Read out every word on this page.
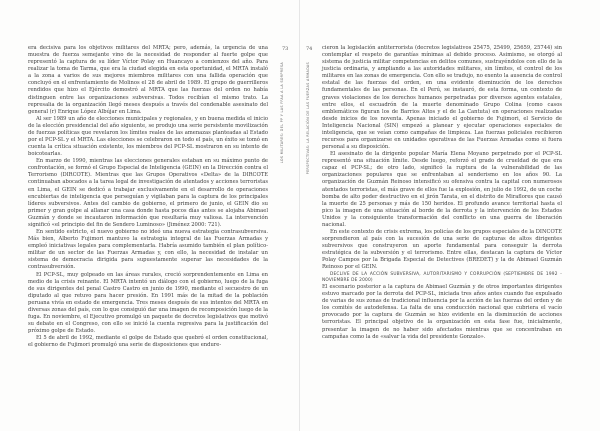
73
LOS MILITARES: DEL PP Y LAS FFAA A LA SORPRESA

era decisiva para los objetivos militares del MRTA; pero, además, la urgencia de una muestra de fuerza semejante vino de la necesidad de responder al fuerte golpe que representó la captura de su líder Víctor Polay en Huancayo a comienzos del año. Para realizar la toma de Tarma, que era la ciudad elegida en esta oportunidad, el MRTA instaló a la zona a varios de sus mejores miembros militares con una fallida operación que concluyó en el enfrentamiento de Molinos el 28 de abril de 1989. El grupo de guerrilleros rendidos que hizo el Ejército demostró al MRTA que las fuerzas del orden no había distinguen entre las organizaciones subversivas. Todos recibían el mismo trato. La represalia de la organización llegó meses después a través del condenable asesinato del general (r) Enrique López Albújar en Lima.

Al ser 1989 un año de elecciones municipales y regionales, y en buena medida el inicio de la elección presidencial del año siguiente, se produjo una serie persistente movilización de fuerzas políticas que revelaron los límites reales de las amenazas planteadas al Estado por el PCP-SL y el MRTA. Las elecciones se celebraron en todo el país, un éxito se tomó en cuenta la crítica situación existente, los miembros del PCP-SL mostraron en su intento de boicotearlas.

En marzo de 1990, mientras las elecciones generales estaban en su máximo punto de confrontación, se formó el Grupo Especial de Inteligencia (GEIN) en la Dirección contra el Terrorismo (DIRCOTE). Mientras que las Grupos Operativos «Delta» de la DIRCOTE continuaban abocados a la tarea legal de investigación de atentados y acciones terroristas en Lima, el GEIN se dedicó a trabajar exclusivamente en el desarrollo de operaciones encubiertas de inteligencia que perseguían y vigilaban para la captura de los principales líderes subversivos. Antes del cambio de gobierno, el primero de junio, el GEIN dio su primer y gran golpe al allanar una casa donde hasta pocos días antes se alojaba Abimael Guzmán y donde se incautaron información que resultaría muy valiosa. La intervención significó «el principio del fin de Sendero Luminoso» (Jiménez 2000: 721).

En sentido estricto, el nuevo gobierno no ideó una nueva estrategia contrasubversiva. Más bien, Alberto Fujimori mantuvo la estrategia integral de las Fuerzas Armadas y empleó iniciativas legales para complementarla. Habría asumido también el plan político-militar de un sector de las Fuerzas Armadas y, con ello, la necesidad de instalar un sistema de democracia dirigida para supuestamente superar las necesidades de la contrasubversión.

El PCP-SL, muy golpeado en las áreas rurales, creció sorprendentemente en Lima en medio de la crisis reinante. El MRTA intentó un diálogo con el gobierno, luego de la fuga de sus dirigentes del penal Castro Castro en junio de 1990, mediante el secuestro de un diputado al que retuvo para hacer presión. En 1991 más de la mitad de la población peruana vivía en estado de emergencia. Tres meses después de sus intentos del MRTA en diversas zonas del país, con lo que consiguió dar una imagen de recomposición luego de la fuga. En noviembre, el Ejecutivo promulgó un paquete de decretos legislativos que motivó su debate en el Congreso, con ello se inició la cuenta regresiva para la justificación del próximo golpe de Estado.

El 5 de abril de 1992, mediante el golpe de Estado que quebró el orden constitucional, el gobierno de Fujimori promulgó una serie de disposiciones que endure-

74
PERSPECTIVAS: LA RELACIÓN DE LAS FUERZAS ARMADAS

cieron la legislación antiterrorista (decretos legislativos 25475, 25499, 25659, 25744) sin contemplar el respeto de garantías mínimas al debido proceso. Asimismo, se otorgó al sistema de justicia militar competencias en delitos comunes, sustrayéndolos con ello de la justicia ordinaria, y ampliando a las autoridades militares, sin límites, el control de los militares en las zonas de emergencia. Con ello se tradujo, no exento la ausencia de control estatal de las fuerzas del orden, en una evidente disminución de los derechos fundamentales de las personas. En el Perú, se instauró, de esta forma, un contexto de graves violaciones de los derechos humanos perpetradas por diversos agentes estatales, entre ellos, el escuadrón de la muerte denominado Grupo Colina (como casos emblemáticos figuran los de Barrios Altos y el de La Cantuta) en operaciones realizadas desde inicios de los noventa. Apenas iniciado el gobierno de Fujimori, el Servicio de Inteligencia Nacional (SIN) empezó a planear y ejecutar operaciones especiales de inteligencia, que se veían como campañas de limpieza. Las fuerzas policiales recibieron recursos para organizarse en unidades operativas de las Fuerzas Armadas como si fuera personal a su disposición.

El asesinato de la dirigente popular María Elena Moyano perpetrado por el PCP-SL representó una situación límite. Desde luego, reforzó el grado de crueldad de que era capaz el PCP-SL; de otro lado, significó la ruptura de la vulnerabilidad de las organizaciones populares que se enfrentaban al senderismo en los años 90. La organización de Guzmán Reinoso intensificó su ofensiva contra la capital con numerosos atentados terroristas, el más grave de ellos fue la explosión, en julio de 1992, de un coche bomba de alto poder destructivo en el jirón Tarata, en el distrito de Miraflores que causó la muerte de 25 personas y más de 150 heridos. El profundo avance territorial hasta el pico la imagen de una situación al borde de la derrota y la intervención de los Estados Unidos y la consiguiente transformación del conflicto en una guerra de liberación nacional.

En este contexto de crisis extrema, los policías de los grupos especiales de la DINCOTE sorprendieron al país con la sucesión de una serie de capturas de altos dirigentes subversivos que construyeron un aporte fundamental para conseguir la derrota estratégica de la subversión y el terrorismo. Entre ellas, destacan la captura de Víctor Polay Campos por la Brigada Especial de Detectives (BREDET) y la de Abimael Guzmán Reinoso por el GEIN.

DECLIVE DE LA ACCIÓN SUBVERSIVA, AUTORITARISMO Y CORRUPCIÓN (SEPTIEMBRE DE 1992 - NOVIEMBRE DE 2000)

El escenario posterior a la captura de Abimael Guzmán y de otros importantes dirigentes estuvo marcado por la derrota del PCP-SL, iniciada tres años antes cuando fue expulsado de varias de sus zonas de tradicional influencia por la acción de las fuerzas del orden y de los comités de autodefensa. La falta de una conducción nacional que cubriera el vacío provocado por la captura de Guzmán se hizo evidente en la disminución de acciones terroristas. El principal objetivo de la organización en esta fase fue, inicialmente, presentar la imagen de no haber sido afectados mientras que se concentraban en campañas como la de «salvar la vida del presidente Gonzalo».
